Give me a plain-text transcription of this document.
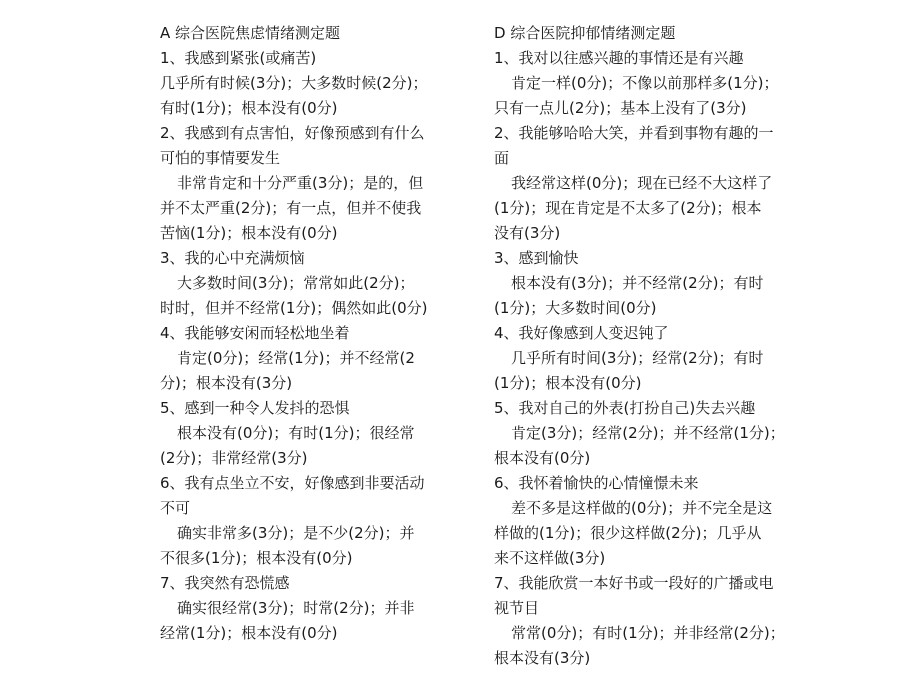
A 综合医院焦虑情绪测定题
1、我感到紧张(或痛苦)
几乎所有时候(3分)；大多数时候(2分)；
有时(1分)；根本没有(0分)
2、我感到有点害怕，好像预感到有什么
可怕的事情要发生
非常肯定和十分严重(3分)；是的，但
并不太严重(2分)；有一点，但并不使我
苦恼(1分)；根本没有(0分)
3、我的心中充满烦恼
大多数时间(3分)；常常如此(2分)；
时时，但并不经常(1分)；偶然如此(0分)
4、我能够安闲而轻松地坐着
肯定(0分)；经常(1分)；并不经常(2
分)；根本没有(3分)
5、感到一种令人发抖的恐惧
根本没有(0分)；有时(1分)；很经常
(2分)；非常经常(3分)
6、我有点坐立不安，好像感到非要活动
不可
确实非常多(3分)；是不少(2分)；并
不很多(1分)；根本没有(0分)
7、我突然有恐慌感
确实很经常(3分)；时常(2分)；并非
经常(1分)；根本没有(0分)
D 综合医院抑郁情绪测定题
1、我对以往感兴趣的事情还是有兴趣
肯定一样(0分)；不像以前那样多(1分)；
只有一点儿(2分)；基本上没有了(3分)
2、我能够哈哈大笑，并看到事物有趣的一
面
我经常这样(0分)；现在已经不大这样了
(1分)；现在肯定是不太多了(2分)；根本
没有(3分)
3、感到愉快
根本没有(3分)；并不经常(2分)；有时
(1分)；大多数时间(0分)
4、我好像感到人变迟钝了
几乎所有时间(3分)；经常(2分)；有时
(1分)；根本没有(0分)
5、我对自己的外表(打扮自己)失去兴趣
肯定(3分)；经常(2分)；并不经常(1分)；
根本没有(0分)
6、我怀着愉快的心情憧憬未来
差不多是这样做的(0分)；并不完全是这
样做的(1分)；很少这样做(2分)；几乎从
来不这样做(3分)
7、我能欣赏一本好书或一段好的广播或电
视节目
常常(0分)；有时(1分)；并非经常(2分)；
根本没有(3分)
